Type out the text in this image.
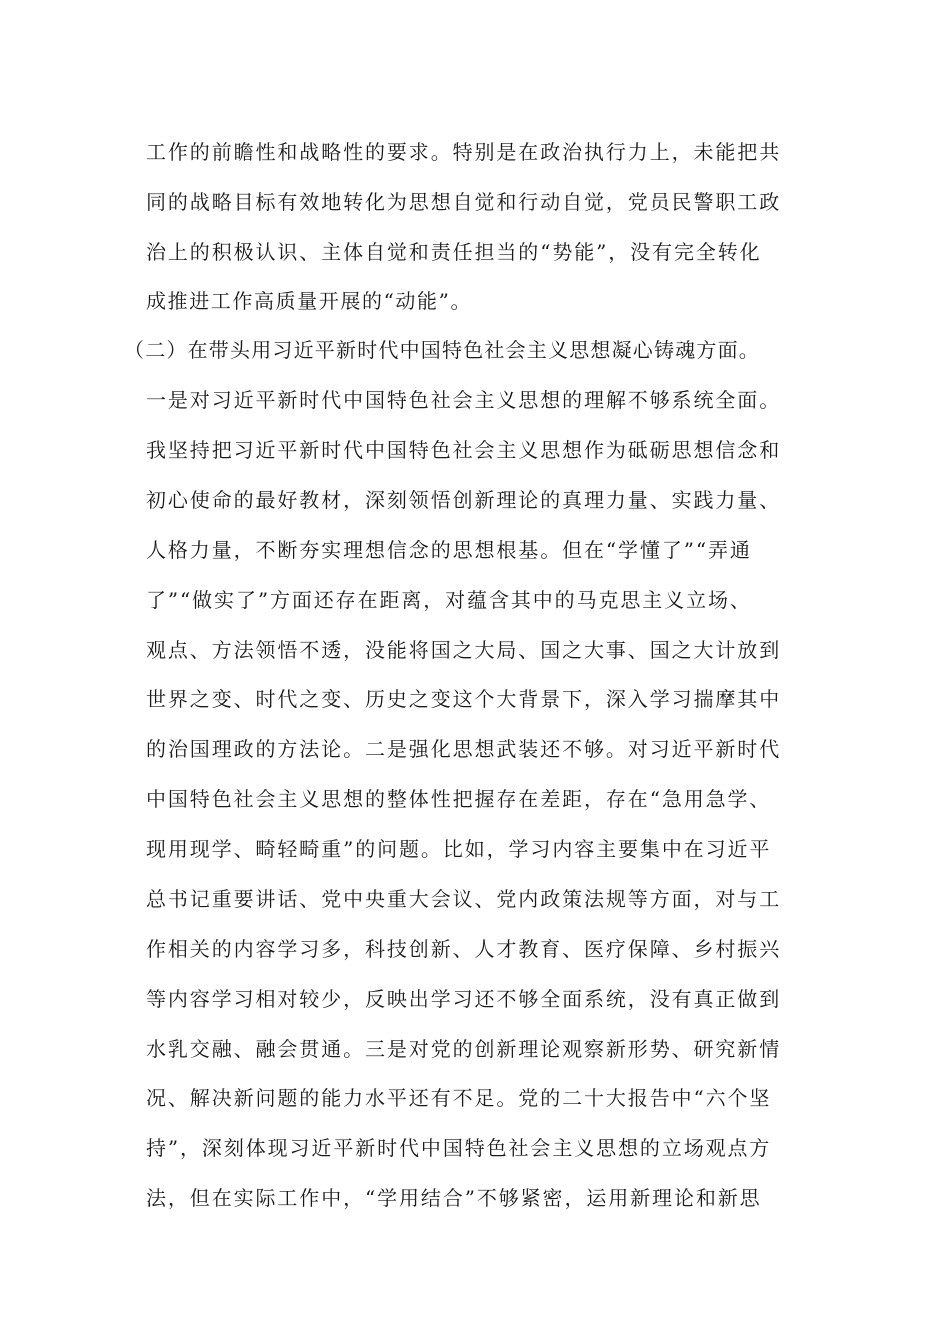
工作的前瞻性和战略性的要求。特别是在政治执行力上，未能把共
同的战略目标有效地转化为思想自觉和行动自觉，党员民警职工政
治上的积极认识、主体自觉和责任担当的“势能”，没有完全转化
成推进工作高质量开展的“动能”。
（二）在带头用习近平新时代中国特色社会主义思想凝心铸魂方面。
一是对习近平新时代中国特色社会主义思想的理解不够系统全面。
我坚持把习近平新时代中国特色社会主义思想作为砥砺思想信念和
初心使命的最好教材，深刻领悟创新理论的真理力量、实践力量、
人格力量，不断夯实理想信念的思想根基。但在“学懂了”“弄通
了”“做实了”方面还存在距离，对蕴含其中的马克思主义立场、
观点、方法领悟不透，没能将国之大局、国之大事、国之大计放到
世界之变、时代之变、历史之变这个大背景下，深入学习揣摩其中
的治国理政的方法论。二是强化思想武装还不够。对习近平新时代
中国特色社会主义思想的整体性把握存在差距，存在“急用急学、
现用现学、畸轻畸重”的问题。比如，学习内容主要集中在习近平
总书记重要讲话、党中央重大会议、党内政策法规等方面，对与工
作相关的内容学习多，科技创新、人才教育、医疗保障、乡村振兴
等内容学习相对较少，反映出学习还不够全面系统，没有真正做到
水乳交融、融会贯通。三是对党的创新理论观察新形势、研究新情
况、解决新问题的能力水平还有不足。党的二十大报告中“六个坚
持”，深刻体现习近平新时代中国特色社会主义思想的立场观点方
法，但在实际工作中，“学用结合”不够紧密，运用新理论和新思
